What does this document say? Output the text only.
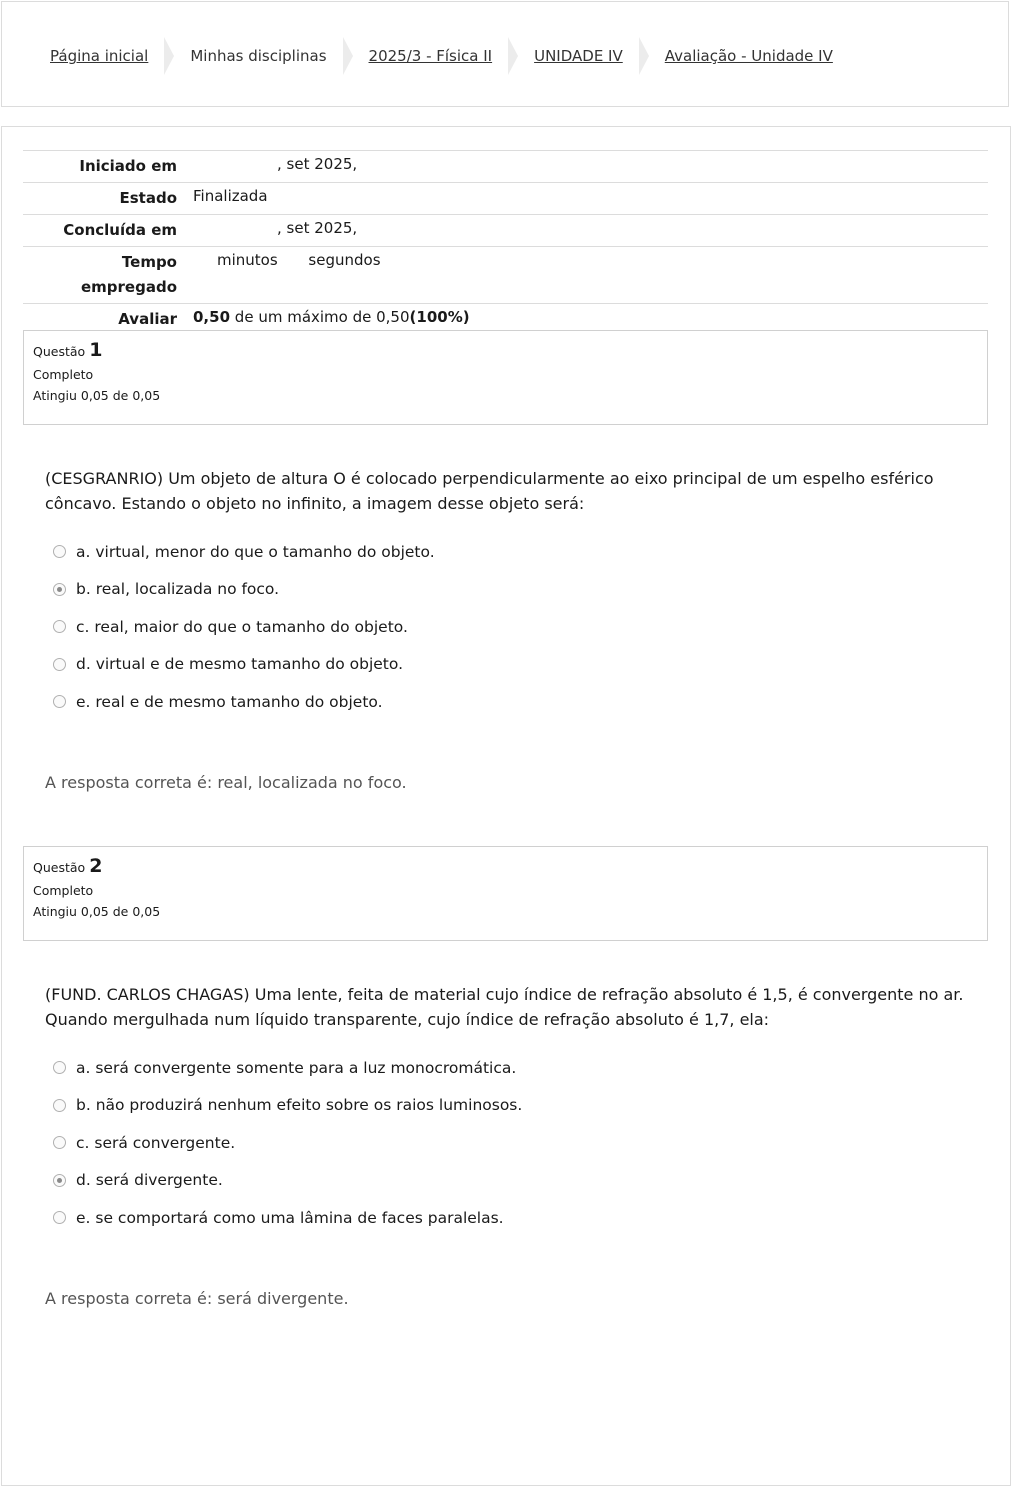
Página inicial	Minhas disciplinas	2025/3 - Física II	UNIDADE IV	Avaliação - Unidade IV
Iniciado em	, set 2025,
Estado	Finalizada
Concluída em	, set 2025,
Tempo empregado	minutos segundos
Avaliar	0,50 de um máximo de 0,50(100%)
Questão 1
Completo
Atingiu 0,05 de 0,05
(CESGRANRIO) Um objeto de altura O é colocado perpendicularmente ao eixo principal de um espelho esférico côncavo. Estando o objeto no infinito, a imagem desse objeto será:
a. virtual, menor do que o tamanho do objeto.
b. real, localizada no foco.
c. real, maior do que o tamanho do objeto.
d. virtual e de mesmo tamanho do objeto.
e. real e de mesmo tamanho do objeto.
A resposta correta é: real, localizada no foco.
Questão 2
Completo
Atingiu 0,05 de 0,05
(FUND. CARLOS CHAGAS) Uma lente, feita de material cujo índice de refração absoluto é 1,5, é convergente no ar. Quando mergulhada num líquido transparente, cujo índice de refração absoluto é 1,7, ela:
a. será convergente somente para a luz monocromática.
b. não produzirá nenhum efeito sobre os raios luminosos.
c. será convergente.
d. será divergente.
e. se comportará como uma lâmina de faces paralelas.
A resposta correta é: será divergente.
